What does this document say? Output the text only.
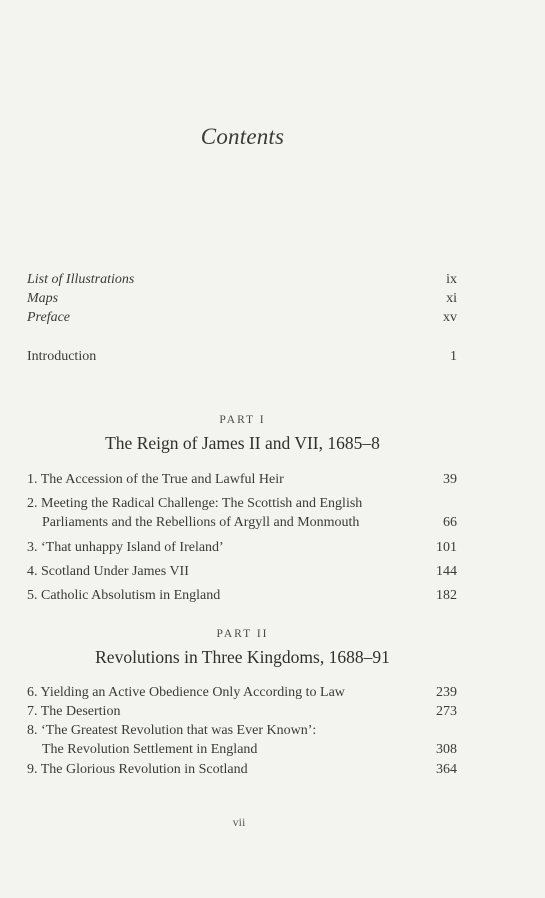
Contents
List of Illustrations	ix
Maps	xi
Preface	xv
Introduction	1
PART I
The Reign of James II and VII, 1685–8
1. The Accession of the True and Lawful Heir	39
2. Meeting the Radical Challenge: The Scottish and English
Parliaments and the Rebellions of Argyll and Monmouth	66
3. ‘That unhappy Island of Ireland’	101
4. Scotland Under James VII	144
5. Catholic Absolutism in England	182
PART II
Revolutions in Three Kingdoms, 1688–91
6. Yielding an Active Obedience Only According to Law	239
7. The Desertion	273
8. ‘The Greatest Revolution that was Ever Known’:
The Revolution Settlement in England	308
9. The Glorious Revolution in Scotland	364
vii
